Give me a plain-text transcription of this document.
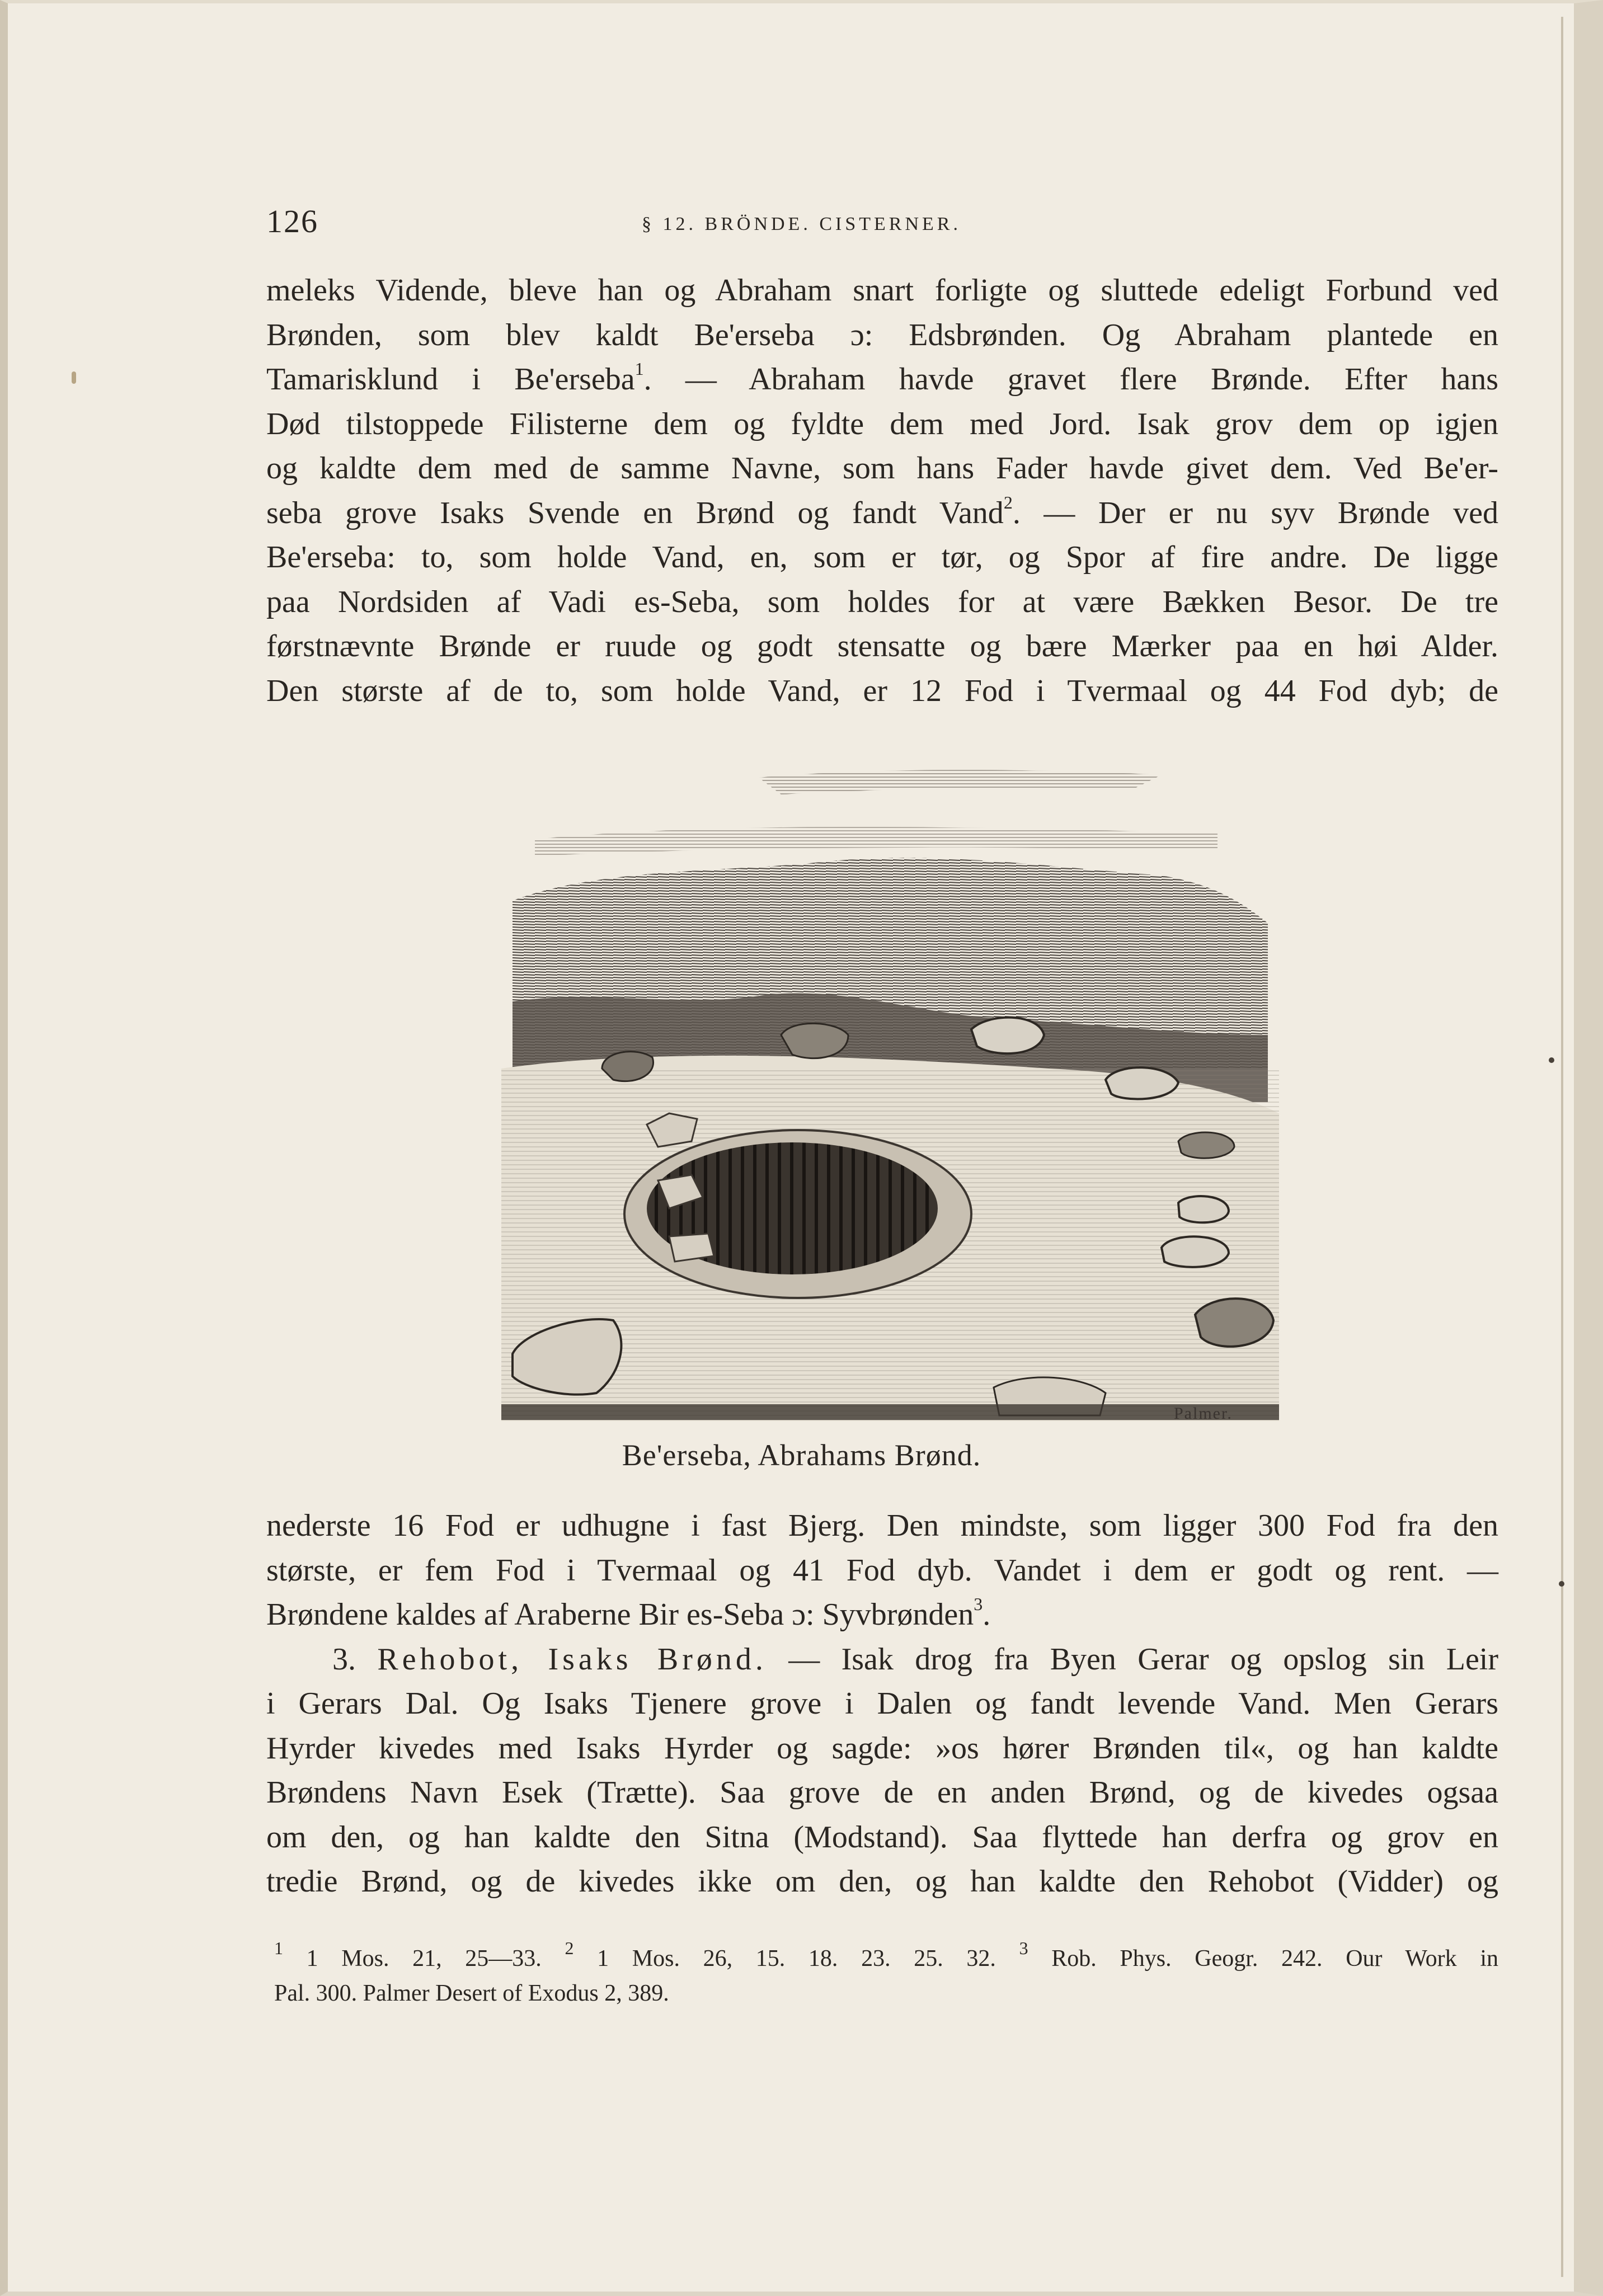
126	§ 12. BRÖNDE. CISTERNER.
meleks Vidende, bleve han og Abraham snart forligte og sluttede edeligt Forbund ved
Brønden, som blev kaldt Be'erseba ɔ: Edsbrønden. Og Abraham plantede en
Tamarisklund i Be'erseba$^1$. — Abraham havde gravet flere Brønde. Efter hans
Død tilstoppede Filisterne dem og fyldte dem med Jord. Isak grov dem op igjen
og kaldte dem med de samme Navne, som hans Fader havde givet dem. Ved Be'er-
seba grove Isaks Svende en Brønd og fandt Vand$^2$. — Der er nu syv Brønde ved
Be'erseba: to, som holde Vand, en, som er tør, og Spor af fire andre. De ligge
paa Nordsiden af Vadi es-Seba, som holdes for at være Bækken Besor. De tre
førstnævnte Brønde er ruude og godt stensatte og bære Mærker paa en høi Alder.
Den største af de to, som holde Vand, er 12 Fod i Tvermaal og 44 Fod dyb; de
Palmer.
Be'erseba, Abrahams Brønd.
nederste 16 Fod er udhugne i fast Bjerg. Den mindste, som ligger 300 Fod fra den
største, er fem Fod i Tvermaal og 41 Fod dyb. Vandet i dem er godt og rent. —
Brøndene kaldes af Araberne Bir es-Seba ɔ: Syvbrønden$^3$.
3. Rehobot, Isaks Brønd. — Isak drog fra Byen Gerar og opslog sin Leir
i Gerars Dal. Og Isaks Tjenere grove i Dalen og fandt levende Vand. Men Gerars
Hyrder kivedes med Isaks Hyrder og sagde: »os hører Brønden til«, og han kaldte
Brøndens Navn Esek (Trætte). Saa grove de en anden Brønd, og de kivedes ogsaa
om den, og han kaldte den Sitna (Modstand). Saa flyttede han derfra og grov en
tredie Brønd, og de kivedes ikke om den, og han kaldte den Rehobot (Vidder) og
$^1$ 1 Mos. 21, 25—33. $^2$ 1 Mos. 26, 15. 18. 23. 25. 32. $^3$ Rob. Phys. Geogr. 242. Our Work in
Pal. 300. Palmer Desert of Exodus 2, 389.
